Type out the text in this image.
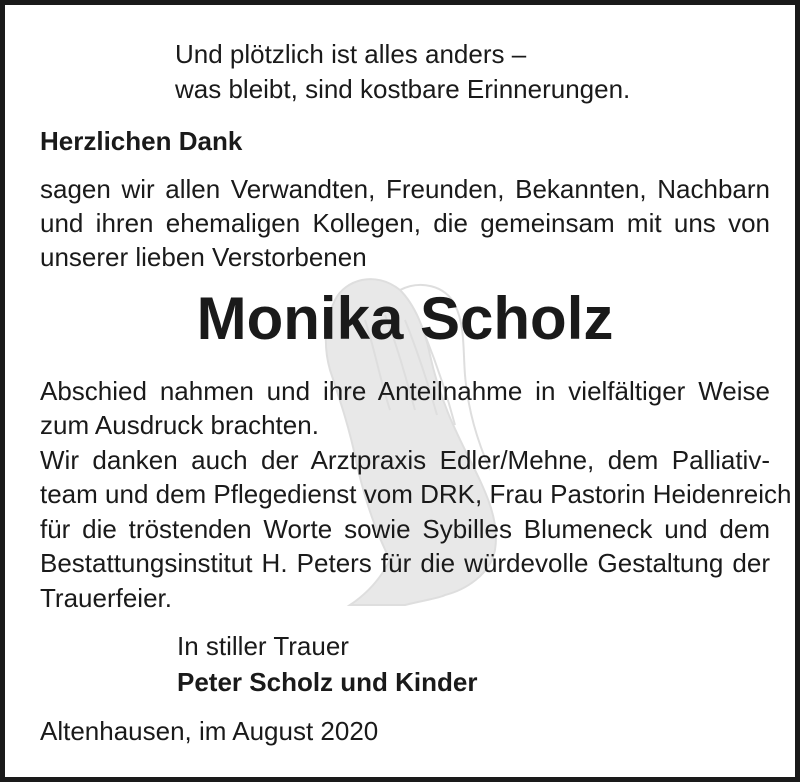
Und plötzlich ist alles anders –
was bleibt, sind kostbare Erinnerungen.
Herzlichen Dank
sagen wir allen Verwandten, Freunden, Bekannten, Nachbarn
und ihren ehemaligen Kollegen, die gemeinsam mit uns von
unserer lieben Verstorbenen
Monika Scholz
Abschied nahmen und ihre Anteilnahme in vielfältiger Weise
zum Ausdruck brachten.
Wir danken auch der Arztpraxis Edler/Mehne, dem Palliativ-
team und dem Pflegedienst vom DRK, Frau Pastorin Heidenreich
für die tröstenden Worte sowie Sybilles Blumeneck und dem
Bestattungsinstitut H. Peters für die würdevolle Gestaltung der
Trauerfeier.
In stiller Trauer
Peter Scholz und Kinder
Altenhausen, im August 2020
